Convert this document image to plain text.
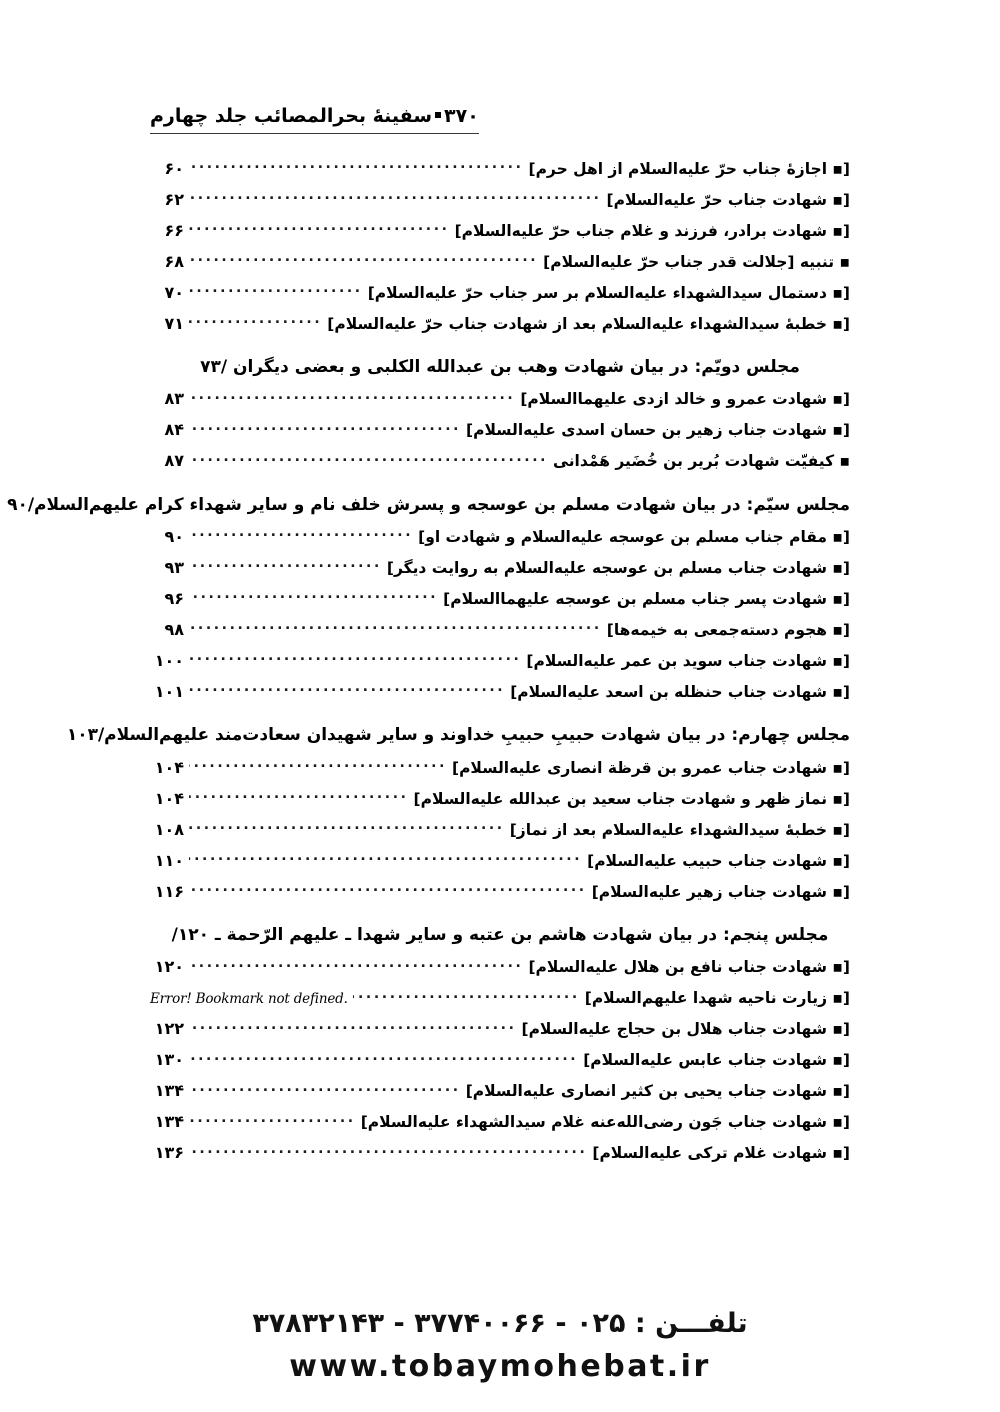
۳۷۰سفینهٔ بحرالمصائب جلد چهارم
[▪ اجازهٔ جناب حرّ علیه‌السلام از اهل حرم]
.....
۶۰
[▪ شهادت جناب حرّ علیه‌السلام]
.....
۶۲
[▪ شهادت برادر، فرزند و غلام جناب حرّ علیه‌السلام]
.....
۶۶
▪ تنبیه [جلالت قدر جناب حرّ علیه‌السلام]
.....
۶۸
[▪ دستمال سیدالشهداء علیه‌السلام بر سر جناب حرّ علیه‌السلام]
.....
۷۰
[▪ خطبهٔ سیدالشهداء علیه‌السلام بعد از شهادت جناب حرّ علیه‌السلام]
.....
۷۱
مجلس دویّم: در بیان شهادت وهب بن عبدالله الکلبی و بعضی دیگران /۷۳
[▪ شهادت عمرو و خالد ازدی علیهما‌السلام]
.....
۸۳
[▪ شهادت جناب زهیر بن حسان اسدی علیه‌السلام]
.....
۸۴
▪ کیفیّت شهادت بُریر بن خُضَیر هَمْدانی
.....
۸۷
مجلس سیّم: در بیان شهادت مسلم بن عوسجه و پسرش خلف نام و سایر شهداء کرام علیهم‌السلام/۹۰
[▪ مقام جناب مسلم بن عوسجه علیه‌السلام و شهادت او]
.....
۹۰
[▪ شهادت جناب مسلم بن عوسجه علیه‌السلام به روایت دیگر]
.....
۹۳
[▪ شهادت پسر جناب مسلم بن عوسجه علیهما‌السلام]
.....
۹۶
[▪ هجوم دسته‌جمعی به خیمه‌ها]
.....
۹۸
[▪ شهادت جناب سوید بن عمر علیه‌السلام]
.....
۱۰۰
[▪ شهادت جناب حنظله بن اسعد علیه‌السلام]
.....
۱۰۱
مجلس چهارم: در بیان شهادت حبیبِ حبیبِ خداوند و سایر شهیدان سعادت‌مند علیهم‌السلام/۱۰۳
[▪ شهادت جناب عمرو بن قرظة انصاری علیه‌السلام]
.....
۱۰۴
[▪ نماز ظهر و شهادت جناب سعید بن عبدالله علیه‌السلام]
.....
۱۰۴
[▪ خطبهٔ سیدالشهداء علیه‌السلام بعد از نماز]
.....
۱۰۸
[▪ شهادت جناب حبیب علیه‌السلام]
.....
۱۱۰
[▪ شهادت جناب زهیر علیه‌السلام]
.....
۱۱۶
مجلس پنجم: در بیان شهادت هاشم بن عتبه و سایر شهدا ـ علیهم الرّحمة ـ ۱۲۰/
[▪ شهادت جناب نافع بن هلال علیه‌السلام]
.....
۱۲۰
[▪ زیارت ناحیه شهدا علیهم‌السلام]
.....
Error! Bookmark not defined.
[▪ شهادت جناب هلال بن حجاج علیه‌السلام]
.....
۱۲۲
[▪ شهادت جناب عابس علیه‌السلام]
.....
۱۳۰
[▪ شهادت جناب یحیی بن کثیر انصاری علیه‌السلام]
.....
۱۳۴
[▪ شهادت جناب جَون رضی‌الله‌عنه غلام سیدالشهداء علیه‌السلام]
.....
۱۳۴
[▪ شهادت غلام ترکی علیه‌السلام]
.....
۱۳۶
تلفـــن : ۰۲۵ - ۳۷۷۴۰۰۶۶ - ۳۷۸۳۲۱۴۳
www.tobaymohebat.ir
